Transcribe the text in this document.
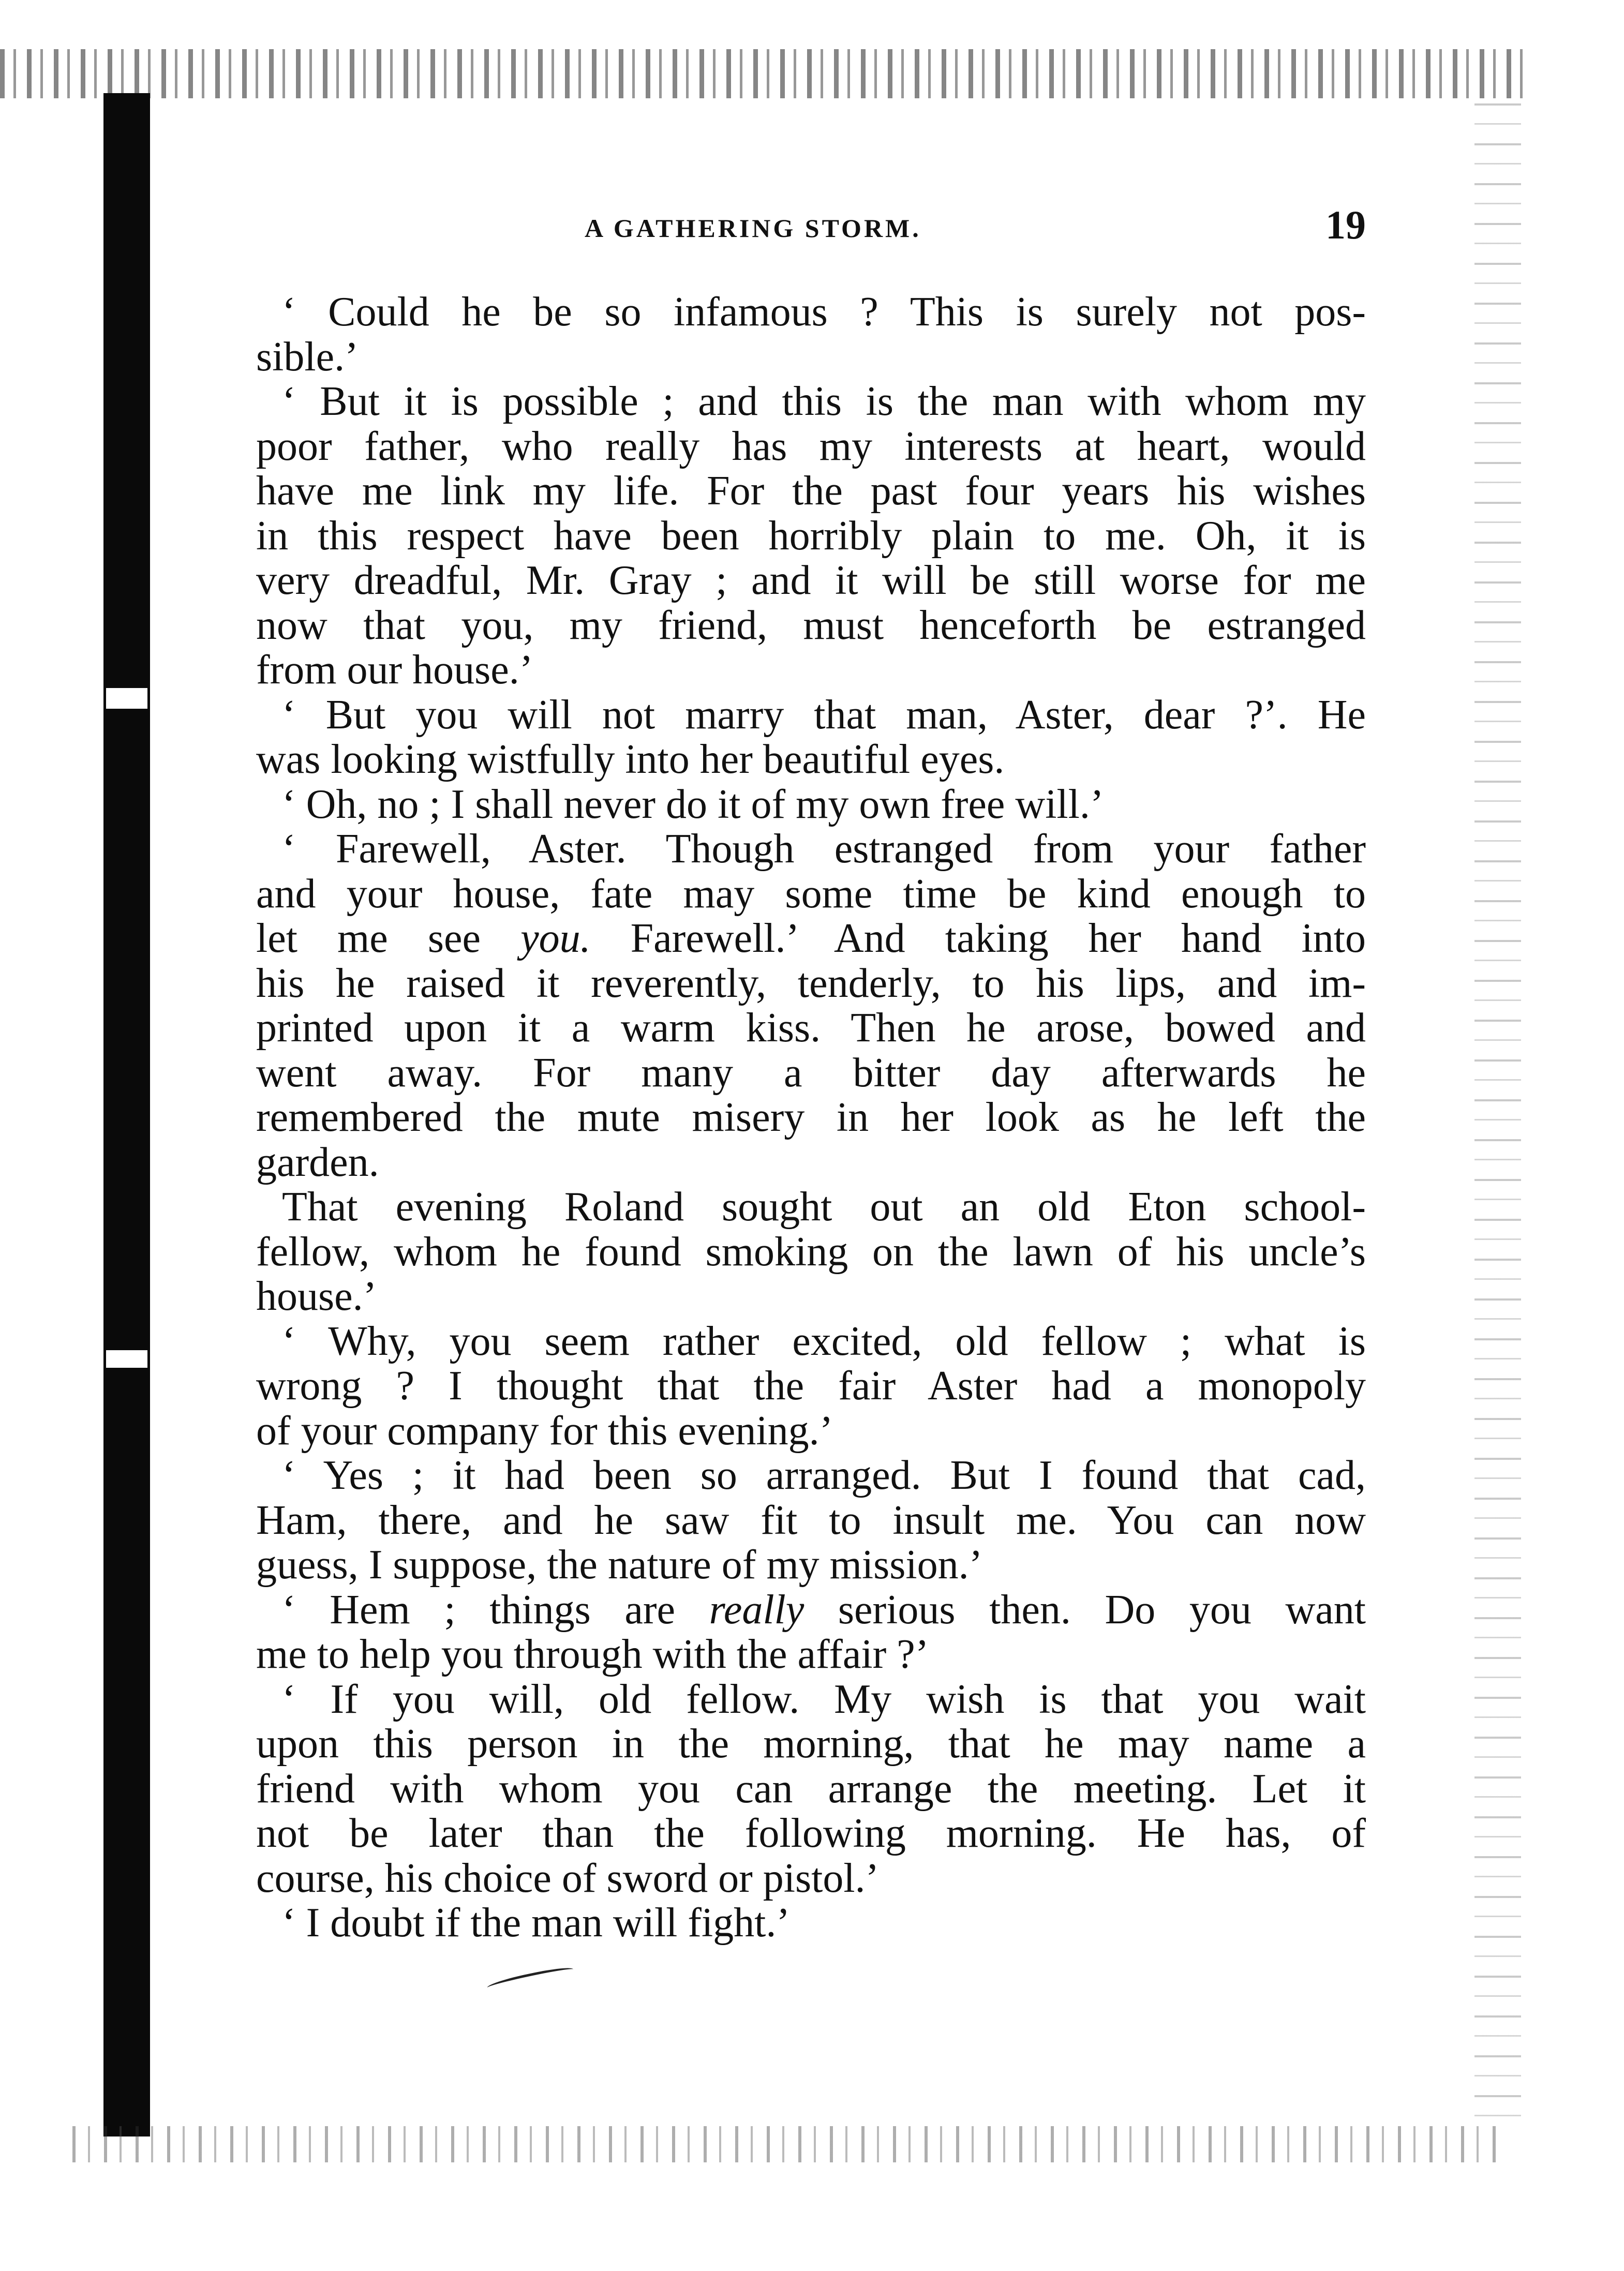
A GATHERING STORM.	19
‘ Could he be so infamous ? This is surely not pos-
sible.’
‘ But it is possible ; and this is the man with whom my
poor father, who really has my interests at heart, would
have me link my life. For the past four years his wishes
in this respect have been horribly plain to me. Oh, it is
very dreadful, Mr. Gray ; and it will be still worse for me
now that you, my friend, must henceforth be estranged
from our house.’
‘ But you will not marry that man, Aster, dear ?’. He
was looking wistfully into her beautiful eyes.
‘ Oh, no ; I shall never do it of my own free will.’
‘ Farewell, Aster. Though estranged from your father
and your house, fate may some time be kind enough to
let me see you. Farewell.’ And taking her hand into
his he raised it reverently, tenderly, to his lips, and im-
printed upon it a warm kiss. Then he arose, bowed and
went away. For many a bitter day afterwards he
remembered the mute misery in her look as he left the
garden.
That evening Roland sought out an old Eton school-
fellow, whom he found smoking on the lawn of his uncle’s
house.’
‘ Why, you seem rather excited, old fellow ; what is
wrong ? I thought that the fair Aster had a monopoly
of your company for this evening.’
‘ Yes ; it had been so arranged. But I found that cad,
Ham, there, and he saw fit to insult me. You can now
guess, I suppose, the nature of my mission.’
‘ Hem ; things are really serious then. Do you want
me to help you through with the affair ?’
‘ If you will, old fellow. My wish is that you wait
upon this person in the morning, that he may name a
friend with whom you can arrange the meeting. Let it
not be later than the following morning. He has, of
course, his choice of sword or pistol.’
‘ I doubt if the man will fight.’
